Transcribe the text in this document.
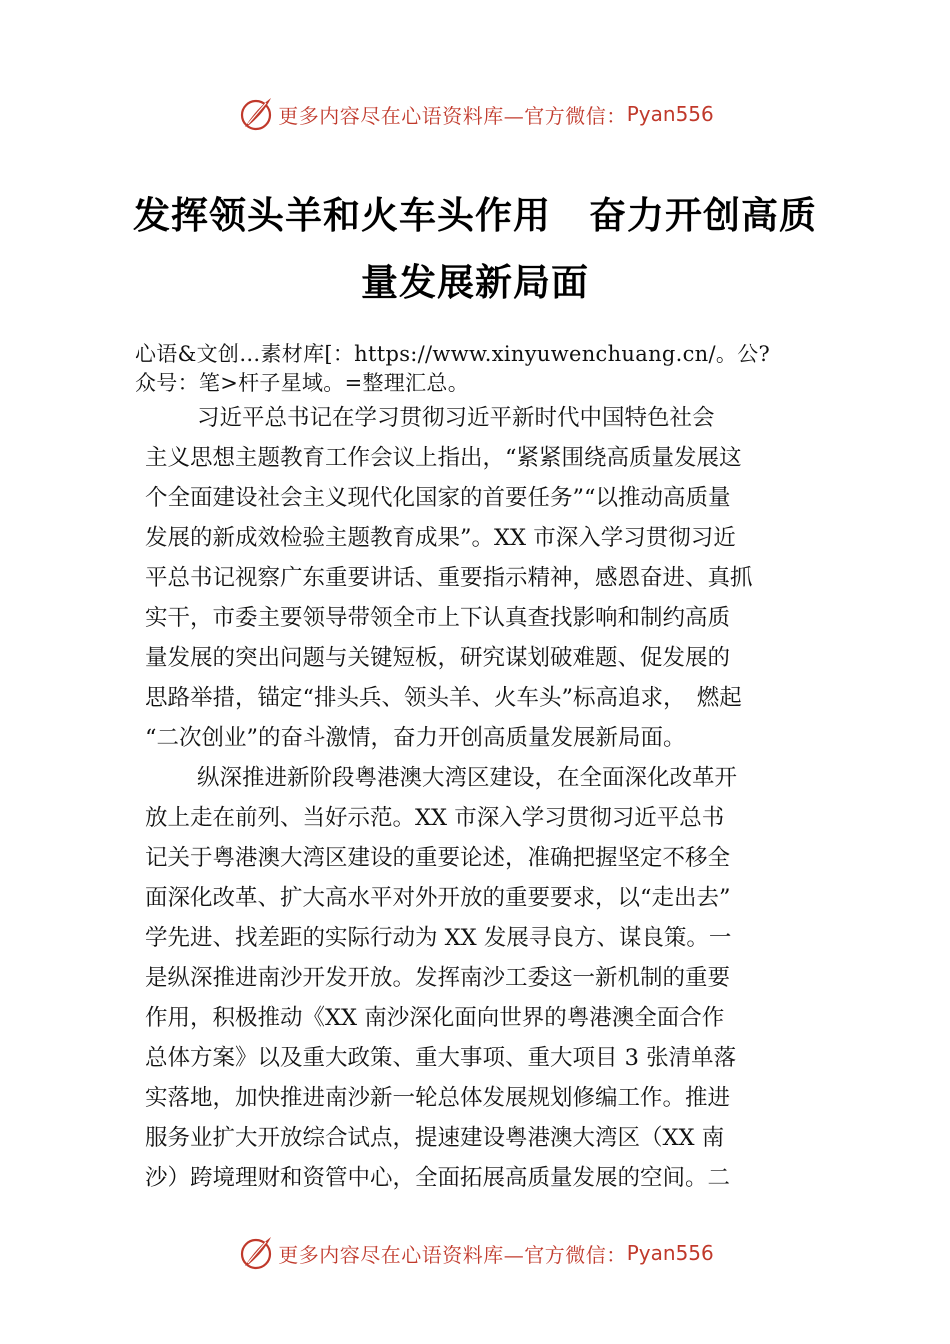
更多内容尽在心语资料库—官方微信： Pyan556
发挥领头羊和火车头作用　奋力开创高质
量发展新局面
心语&文创…素材库[：https://www.xinyuwenchuang.cn/。公?
众号：笔>杆子星域。=整理汇总。
习近平总书记在学习贯彻习近平新时代中国特色社会
主义思想主题教育工作会议上指出，“紧紧围绕高质量发展这
个全面建设社会主义现代化国家的首要任务”“以推动高质量
发展的新成效检验主题教育成果”。XX 市深入学习贯彻习近
平总书记视察广东重要讲话、重要指示精神，感恩奋进、真抓
实干，市委主要领导带领全市上下认真查找影响和制约高质
量发展的突出问题与关键短板，研究谋划破难题、促发展的
思路举措，锚定“排头兵、领头羊、火车头”标高追求，　燃起
“二次创业”的奋斗激情，奋力开创高质量发展新局面。
纵深推进新阶段粤港澳大湾区建设，在全面深化改革开
放上走在前列、当好示范。XX 市深入学习贯彻习近平总书
记关于粤港澳大湾区建设的重要论述，准确把握坚定不移全
面深化改革、扩大高水平对外开放的重要要求，以“走出去”
学先进、找差距的实际行动为 XX 发展寻良方、谋良策。一
是纵深推进南沙开发开放。发挥南沙工委这一新机制的重要
作用，积极推动《XX 南沙深化面向世界的粤港澳全面合作
总体方案》以及重大政策、重大事项、重大项目 3 张清单落
实落地，加快推进南沙新一轮总体发展规划修编工作。推进
服务业扩大开放综合试点，提速建设粤港澳大湾区（XX 南
沙）跨境理财和资管中心，全面拓展高质量发展的空间。二
更多内容尽在心语资料库—官方微信： Pyan556
